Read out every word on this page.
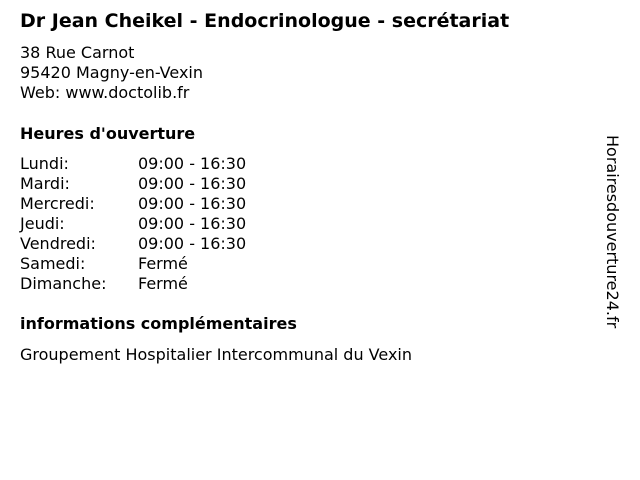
Dr Jean Cheikel - Endocrinologue - secrétariat
38 Rue Carnot
95420 Magny-en-Vexin
Web: www.doctolib.fr
Heures d'ouverture
Lundi:	09:00 - 16:30
Mardi:	09:00 - 16:30
Mercredi:	09:00 - 16:30
Jeudi:	09:00 - 16:30
Vendredi:	09:00 - 16:30
Samedi:	Fermé
Dimanche:	Fermé
informations complémentaires
Groupement Hospitalier Intercommunal du Vexin
Horairesdouverture24.fr
